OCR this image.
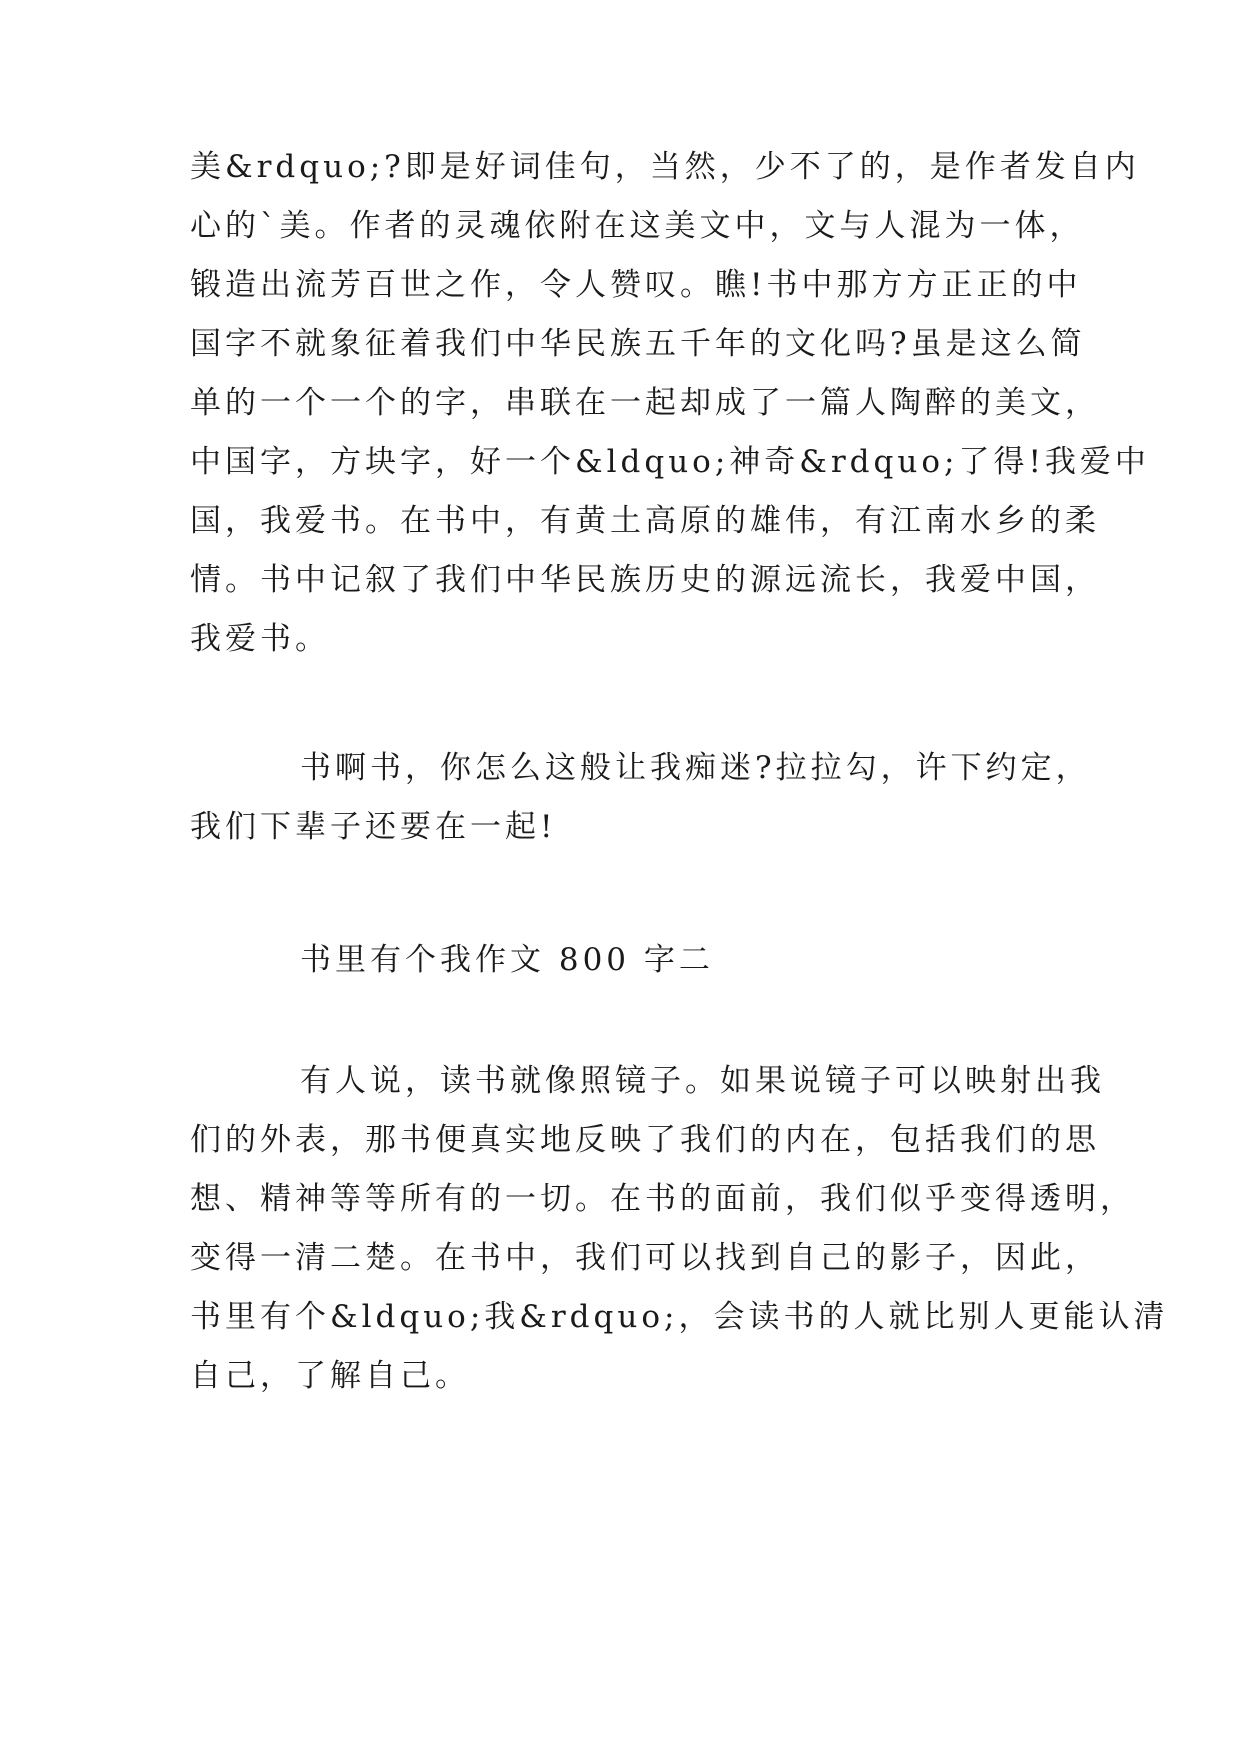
美&rdquo;?即是好词佳句，当然，少不了的，是作者发自内
心的`美。作者的灵魂依附在这美文中，文与人混为一体，
锻造出流芳百世之作，令人赞叹。瞧!书中那方方正正的中
国字不就象征着我们中华民族五千年的文化吗?虽是这么简
单的一个一个的字，串联在一起却成了一篇人陶醉的美文，
中国字，方块字，好一个&ldquo;神奇&rdquo;了得!我爱中
国，我爱书。在书中，有黄土高原的雄伟，有江南水乡的柔
情。书中记叙了我们中华民族历史的源远流长，我爱中国，
我爱书。
书啊书，你怎么这般让我痴迷?拉拉勾，许下约定，
我们下辈子还要在一起!
书里有个我作文 800 字二
有人说，读书就像照镜子。如果说镜子可以映射出我
们的外表，那书便真实地反映了我们的内在，包括我们的思
想、精神等等所有的一切。在书的面前，我们似乎变得透明，
变得一清二楚。在书中，我们可以找到自己的影子，因此，
书里有个&ldquo;我&rdquo;，会读书的人就比别人更能认清
自己，了解自己。
